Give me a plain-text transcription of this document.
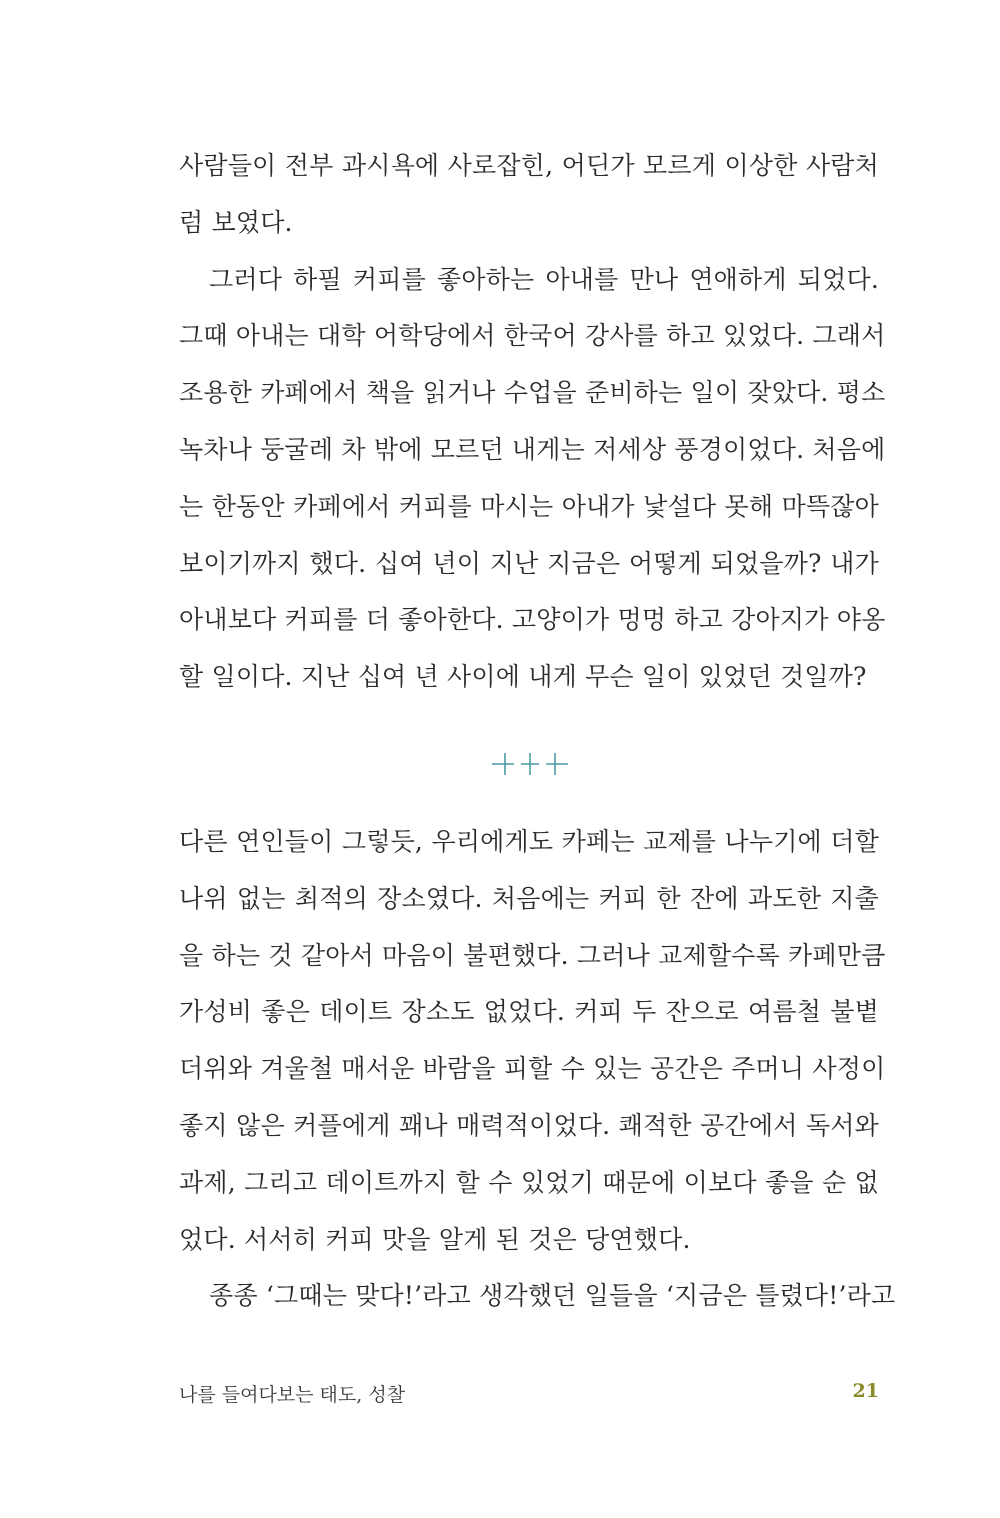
사람들이 전부 과시욕에 사로잡힌, 어딘가 모르게 이상한 사람처
럼 보였다.
그러다 하필 커피를 좋아하는 아내를 만나 연애하게 되었다.
그때 아내는 대학 어학당에서 한국어 강사를 하고 있었다. 그래서
조용한 카페에서 책을 읽거나 수업을 준비하는 일이 잦았다. 평소
녹차나 둥굴레 차 밖에 모르던 내게는 저세상 풍경이었다. 처음에
는 한동안 카페에서 커피를 마시는 아내가 낯설다 못해 마뜩잖아
보이기까지 했다. 십여 년이 지난 지금은 어떻게 되었을까? 내가
아내보다 커피를 더 좋아한다. 고양이가 멍멍 하고 강아지가 야옹
할 일이다. 지난 십여 년 사이에 내게 무슨 일이 있었던 것일까?
다른 연인들이 그렇듯, 우리에게도 카페는 교제를 나누기에 더할
나위 없는 최적의 장소였다. 처음에는 커피 한 잔에 과도한 지출
을 하는 것 같아서 마음이 불편했다. 그러나 교제할수록 카페만큼
가성비 좋은 데이트 장소도 없었다. 커피 두 잔으로 여름철 불볕
더위와 겨울철 매서운 바람을 피할 수 있는 공간은 주머니 사정이
좋지 않은 커플에게 꽤나 매력적이었다. 쾌적한 공간에서 독서와
과제, 그리고 데이트까지 할 수 있었기 때문에 이보다 좋을 순 없
었다. 서서히 커피 맛을 알게 된 것은 당연했다.
종종 ‘그때는 맞다!’라고 생각했던 일들을 ‘지금은 틀렸다!’라고
나를 들여다보는 태도, 성찰	21
